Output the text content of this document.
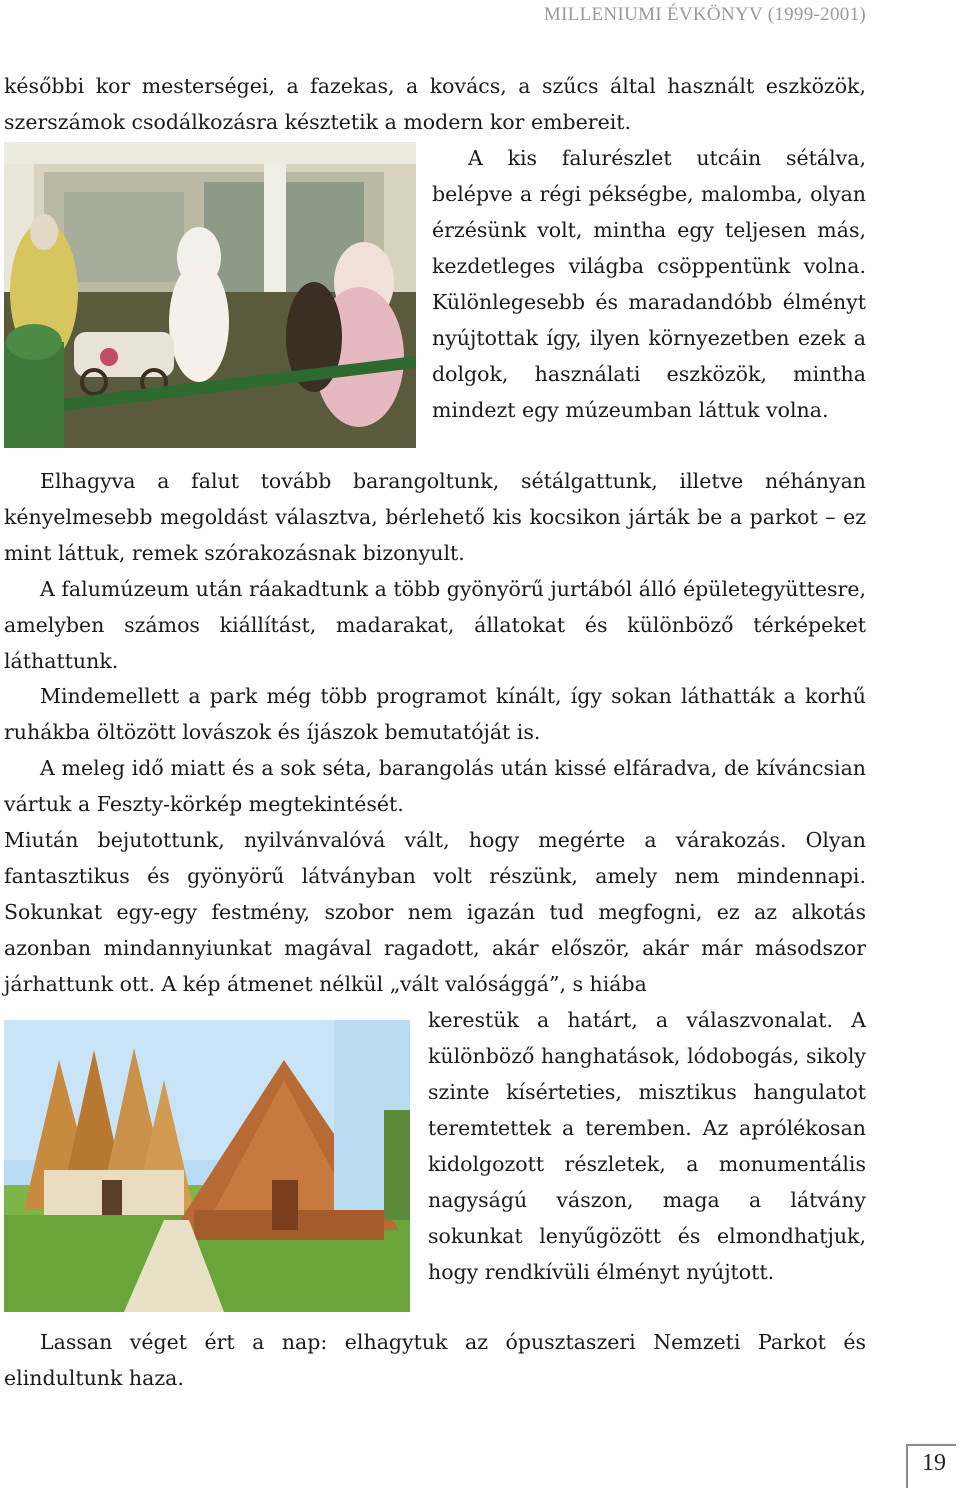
MILLENIUMI ÉVKÖNYV (1999-2001)

későbbi kor mesterségei, a fazekas, a kovács, a szűcs által használt eszközök, szerszámok csodálkozásra késztetik a modern kor embereit.

A kis falurészlet utcáin sétálva, belépve a régi pékségbe, malomba, olyan érzésünk volt, mintha egy teljesen más, kezdetleges világba csöppentünk volna. Különlegesebb és maradandóbb élményt nyújtottak így, ilyen környezetben ezek a dolgok, használati eszközök, mintha mindezt egy múzeumban láttuk volna.

Elhagyva a falut tovább barangoltunk, sétálgattunk, illetve néhányan kényelmesebb megoldást választva, bérlehető kis kocsikon járták be a parkot – ez mint láttuk, remek szórakozásnak bizonyult.

A falumúzeum után ráakadtunk a több gyönyörű jurtából álló épületegyüttesre, amelyben számos kiállítást, madarakat, állatokat és különböző térképeket láthattunk.

Mindemellett a park még több programot kínált, így sokan láthatták a korhű ruhákba öltözött lovászok és íjászok bemutatóját is.

A meleg idő miatt és a sok séta, barangolás után kissé elfáradva, de kíváncsian vártuk a Feszty-körkép megtekintését.

Miután bejutottunk, nyilvánvalóvá vált, hogy megérte a várakozás. Olyan fantasztikus és gyönyörű látványban volt részünk, amely nem mindennapi. Sokunkat egy-egy festmény, szobor nem igazán tud megfogni, ez az alkotás azonban mindannyiunkat magával ragadott, akár először, akár már másodszor járhattunk ott. A kép átmenet nélkül „vált valósággá”, s hiába

kerestük a határt, a válaszvonalat. A különböző hanghatások, lódobogás, sikoly szinte kísérteties, misztikus hangulatot teremtettek a teremben. Az aprólékosan kidolgozott részletek, a monumentális nagyságú vászon, maga a látvány sokunkat lenyűgözött és elmondhatjuk, hogy rendkívüli élményt nyújtott.

Lassan véget ért a nap: elhagytuk az ópusztaszeri Nemzeti Parkot és elindultunk haza.

19
